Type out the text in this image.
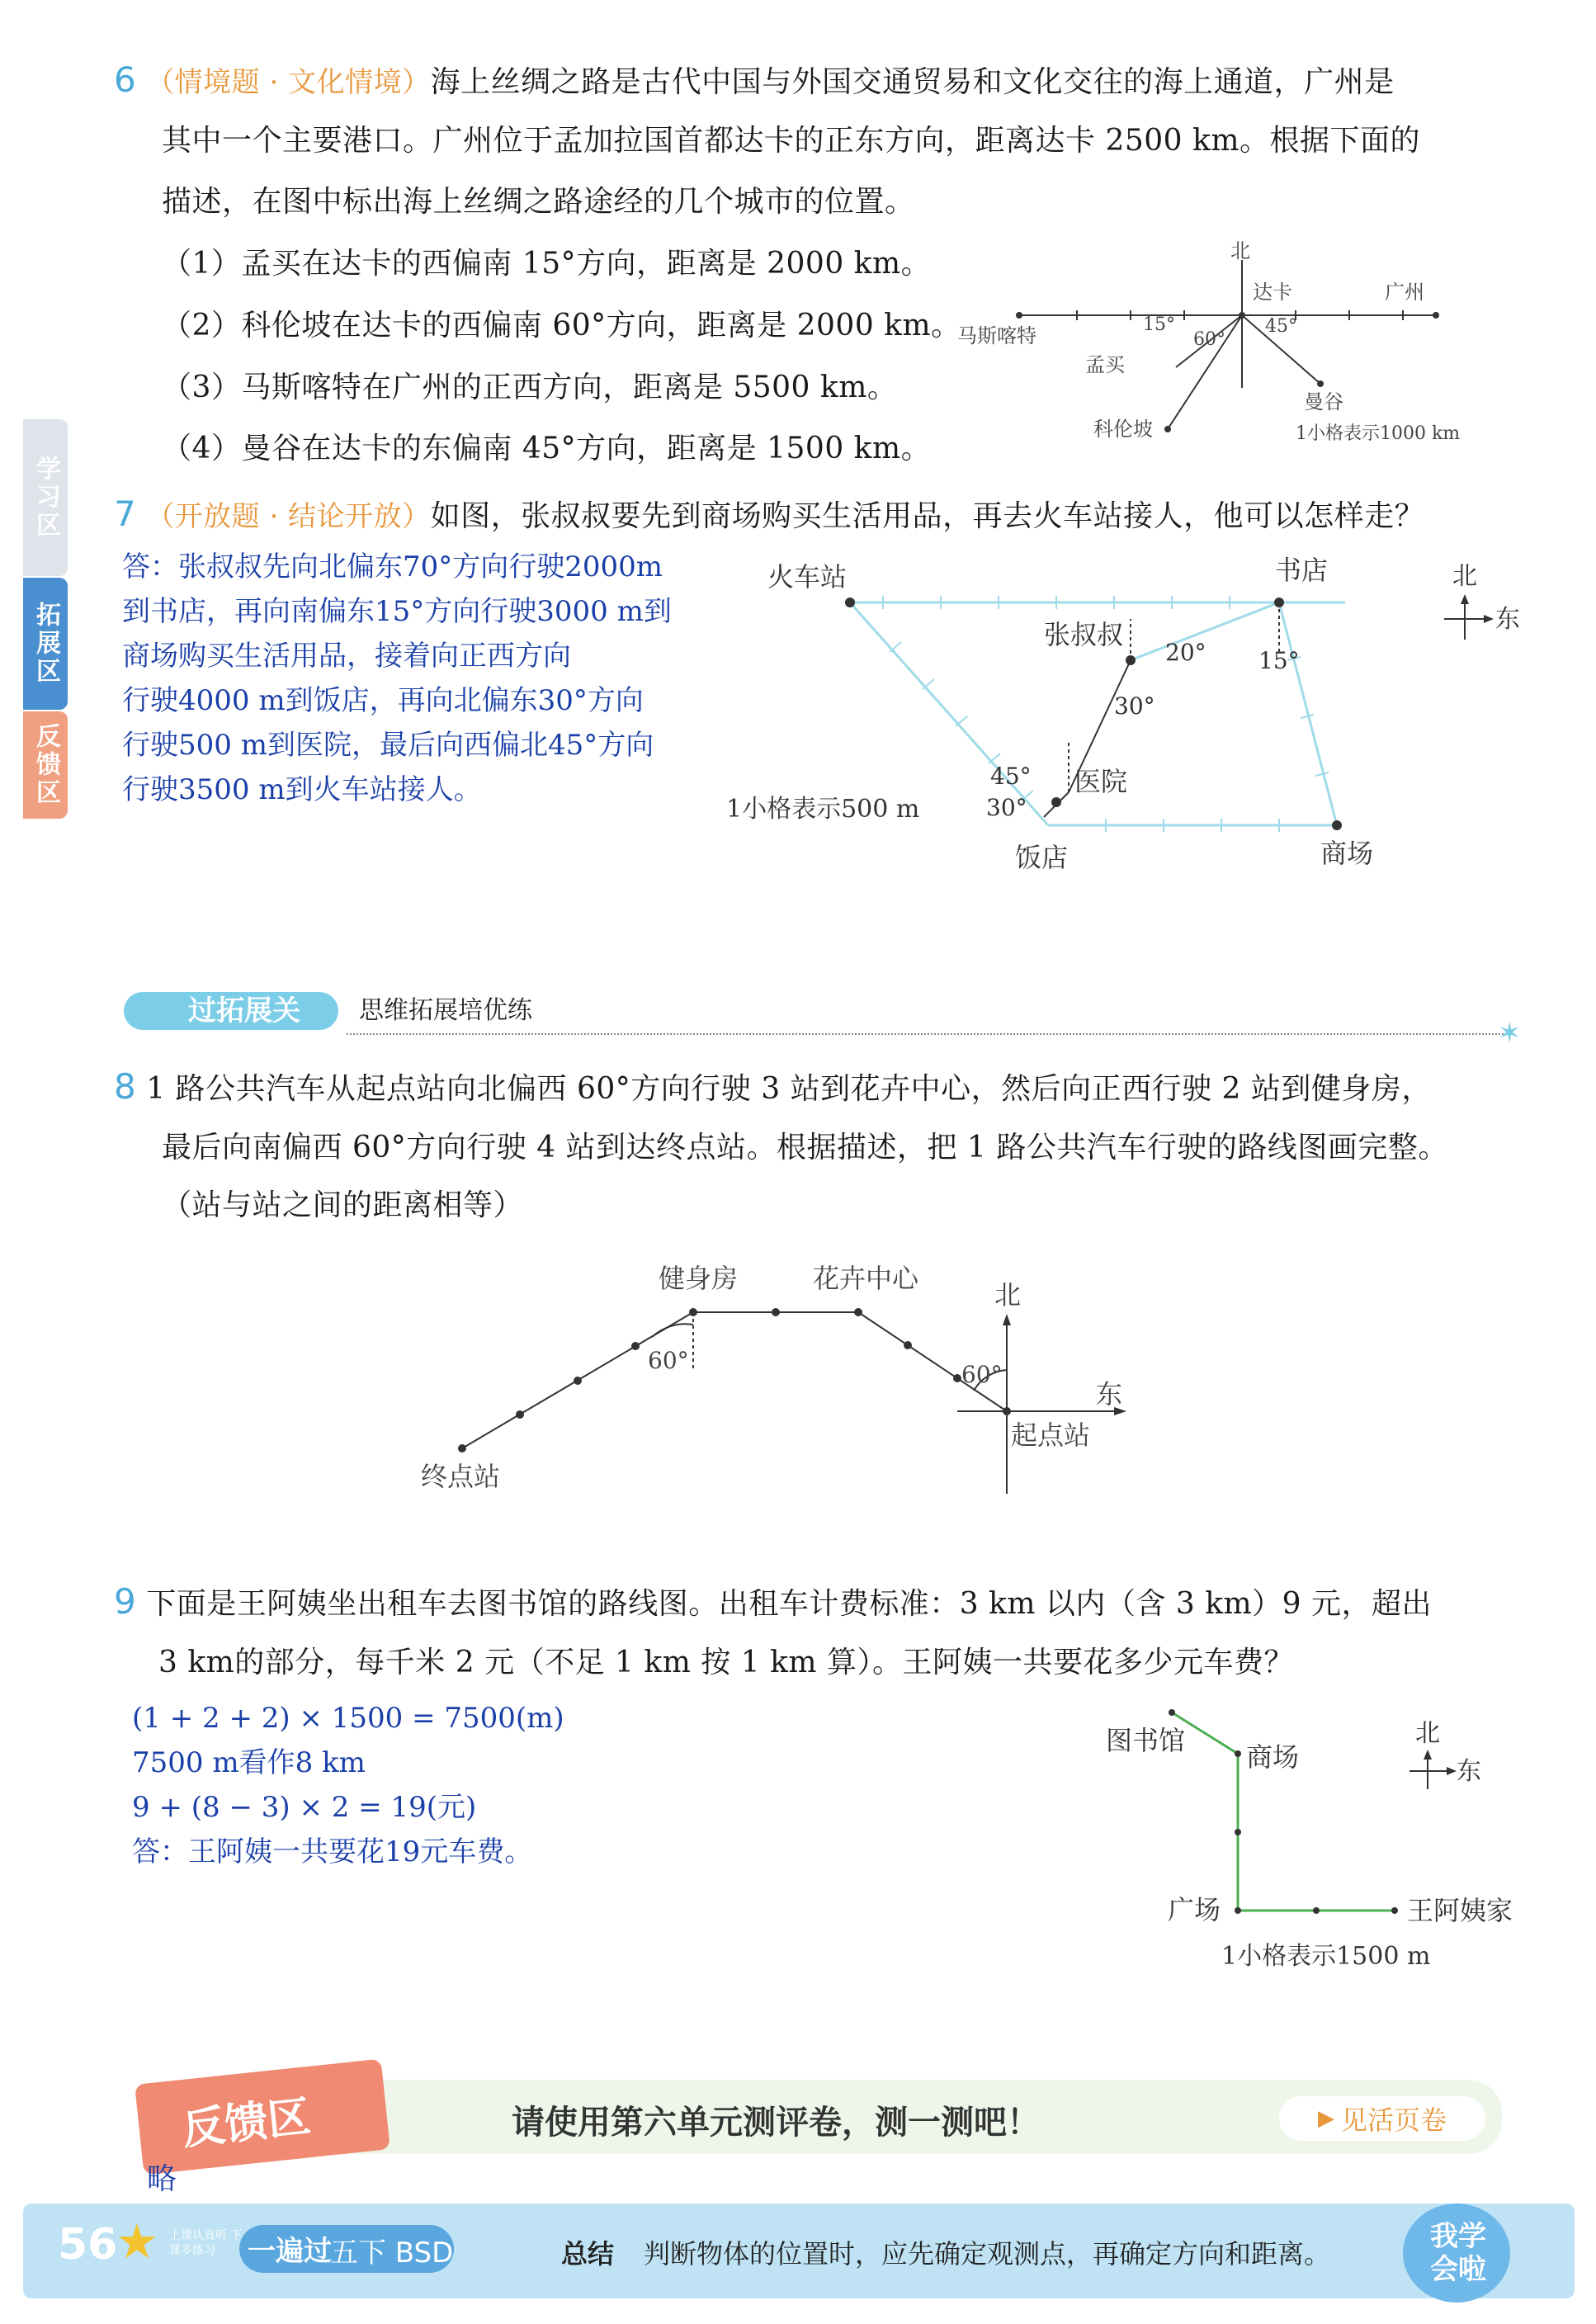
学习区
拓展区
反馈区
6 （情境题 · 文化情境）海上丝绸之路是古代中国与外国交通贸易和文化交往的海上通道，广州是
其中一个主要港口。广州位于孟加拉国首都达卡的正东方向，距离达卡 2500 km。根据下面的
描述，在图中标出海上丝绸之路途经的几个城市的位置。
（1）孟买在达卡的西偏南 15°方向，距离是 2000 km。
（2）科伦坡在达卡的西偏南 60°方向，距离是 2000 km。
（3）马斯喀特在广州的正西方向，距离是 5500 km。
（4）曼谷在达卡的东偏南 45°方向，距离是 1500 km。
北
达卡	广州
马斯喀特
孟买
科伦坡
曼谷
15°
60°
45°
1小格表示1000 km
7 （开放题 · 结论开放）如图，张叔叔要先到商场购买生活用品，再去火车站接人，他可以怎样走？
答：张叔叔先向北偏东70°方向行驶2000m
到书店，再向南偏东15°方向行驶3000 m到
商场购买生活用品，接着向正西方向
行驶4000 m到饭店，再向北偏东30°方向
行驶500 m到医院，最后向西偏北45°方向
行驶3500 m到火车站接人。
火车站	书店
张叔叔
医院
饭店	商场
20° 15°
30°
45°
30°
1小格表示500 m
北
东
过拓展关 思维拓展培优练
✶
8 1 路公共汽车从起点站向北偏西 60°方向行驶 3 站到花卉中心，然后向正西行驶 2 站到健身房，
最后向南偏西 60°方向行驶 4 站到达终点站。根据描述，把 1 路公共汽车行驶的路线图画完整。
（站与站之间的距离相等）
健身房	花卉中心
北
东
起点站
终点站
60°
60°
9 下面是王阿姨坐出租车去图书馆的路线图。出租车计费标准：3 km 以内（含 3 km）9 元，超出
3 km的部分，每千米 2 元（不足 1 km 按 1 km 算）。王阿姨一共要花多少元车费？
(1 + 2 + 2) × 1500 = 7500(m)
7500 m看作8 km
9 + (8 − 3) × 2 = 19(元)
答：王阿姨一共要花19元车费。
图书馆
商场
广场	王阿姨家
1小格表示1500 m
北
东
反馈区	请使用第六单元测评卷，测一测吧！	▶ 见活页卷
略
56
★ 上课认真听 下课多练习	一遍过
五下 BSD	总结 判断物体的位置时，应先确定观测点，再确定方向和距离。
我学会啦
